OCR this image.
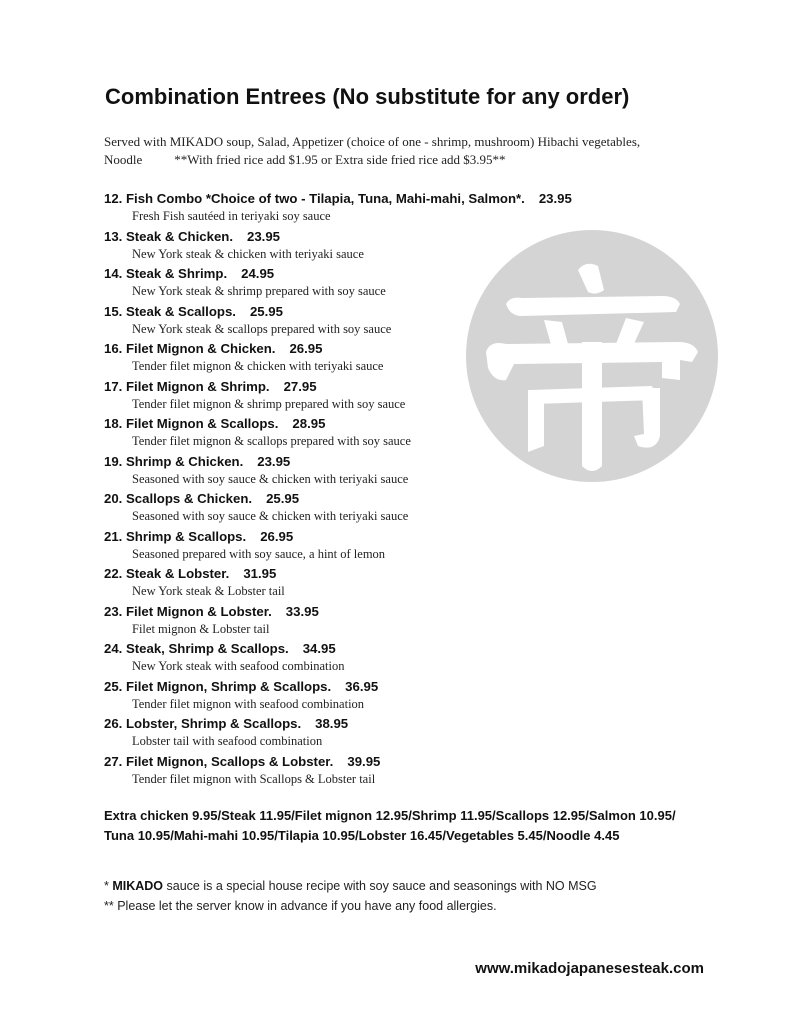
Combination Entrees (No substitute for any order)
Served with MIKADO soup, Salad, Appetizer (choice of one - shrimp, mushroom) Hibachi vegetables,
Noodle **With fried rice add $1.95 or Extra side fried rice add $3.95**
12. Fish Combo *Choice of two - Tilapia, Tuna, Mahi-mahi, Salmon*. 23.95
Fresh Fish sautéed in teriyaki soy sauce
13. Steak & Chicken. 23.95
New York steak & chicken with teriyaki sauce
14. Steak & Shrimp. 24.95
New York steak & shrimp prepared with soy sauce
15. Steak & Scallops. 25.95
New York steak & scallops prepared with soy sauce
16. Filet Mignon & Chicken. 26.95
Tender filet mignon & chicken with teriyaki sauce
17. Filet Mignon & Shrimp. 27.95
Tender filet mignon & shrimp prepared with soy sauce
18. Filet Mignon & Scallops. 28.95
Tender filet mignon & scallops prepared with soy sauce
19. Shrimp & Chicken. 23.95
Seasoned with soy sauce & chicken with teriyaki sauce
20. Scallops & Chicken. 25.95
Seasoned with soy sauce & chicken with teriyaki sauce
21. Shrimp & Scallops. 26.95
Seasoned prepared with soy sauce, a hint of lemon
22. Steak & Lobster. 31.95
New York steak & Lobster tail
23. Filet Mignon & Lobster. 33.95
Filet mignon & Lobster tail
24. Steak, Shrimp & Scallops. 34.95
New York steak with seafood combination
25. Filet Mignon, Shrimp & Scallops. 36.95
Tender filet mignon with seafood combination
26. Lobster, Shrimp & Scallops. 38.95
Lobster tail with seafood combination
27. Filet Mignon, Scallops & Lobster. 39.95
Tender filet mignon with Scallops & Lobster tail
Extra chicken 9.95/Steak 11.95/Filet mignon 12.95/Shrimp 11.95/Scallops 12.95/Salmon 10.95/
Tuna 10.95/Mahi-mahi 10.95/Tilapia 10.95/Lobster 16.45/Vegetables 5.45/Noodle 4.45
* MIKADO sauce is a special house recipe with soy sauce and seasonings with NO MSG
** Please let the server know in advance if you have any food allergies.
www.mikadojapanesesteak.com
